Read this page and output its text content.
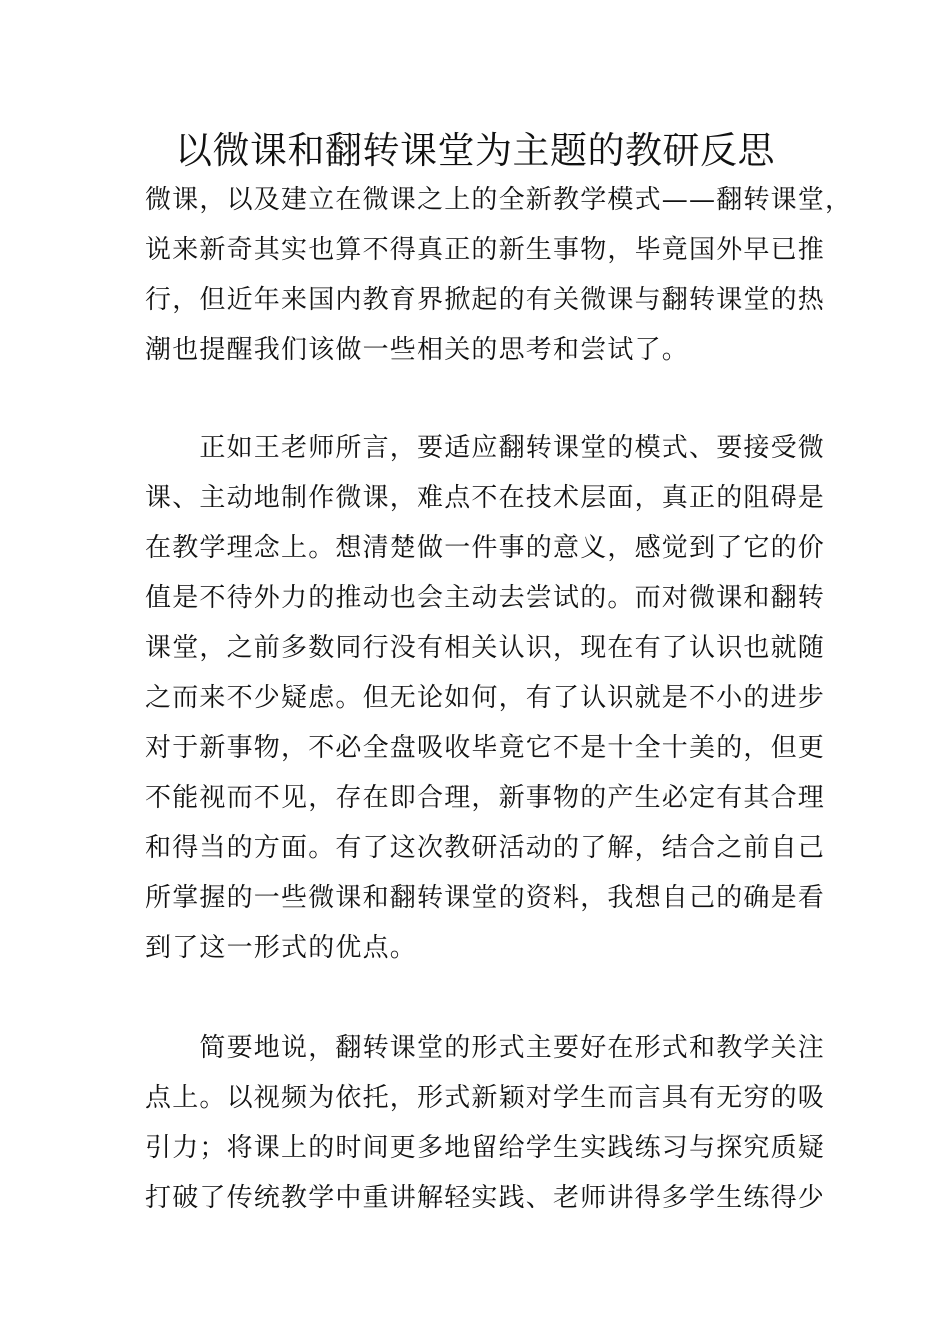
以微课和翻转课堂为主题的教研反思

微课，以及建立在微课之上的全新教学模式——翻转课堂，

说来新奇其实也算不得真正的新生事物，毕竟国外早已推

行，但近年来国内教育界掀起的有关微课与翻转课堂的热

潮也提醒我们该做一些相关的思考和尝试了。

　　正如王老师所言，要适应翻转课堂的模式、要接受微

课、主动地制作微课，难点不在技术层面，真正的阻碍是

在教学理念上。想清楚做一件事的意义，感觉到了它的价

值是不待外力的推动也会主动去尝试的。而对微课和翻转

课堂，之前多数同行没有相关认识，现在有了认识也就随

之而来不少疑虑。但无论如何，有了认识就是不小的进步

对于新事物，不必全盘吸收毕竟它不是十全十美的，但更

不能视而不见，存在即合理，新事物的产生必定有其合理

和得当的方面。有了这次教研活动的了解，结合之前自己

所掌握的一些微课和翻转课堂的资料，我想自己的确是看

到了这一形式的优点。

　　简要地说，翻转课堂的形式主要好在形式和教学关注

点上。以视频为依托，形式新颖对学生而言具有无穷的吸

引力；将课上的时间更多地留给学生实践练习与探究质疑

打破了传统教学中重讲解轻实践、老师讲得多学生练得少
